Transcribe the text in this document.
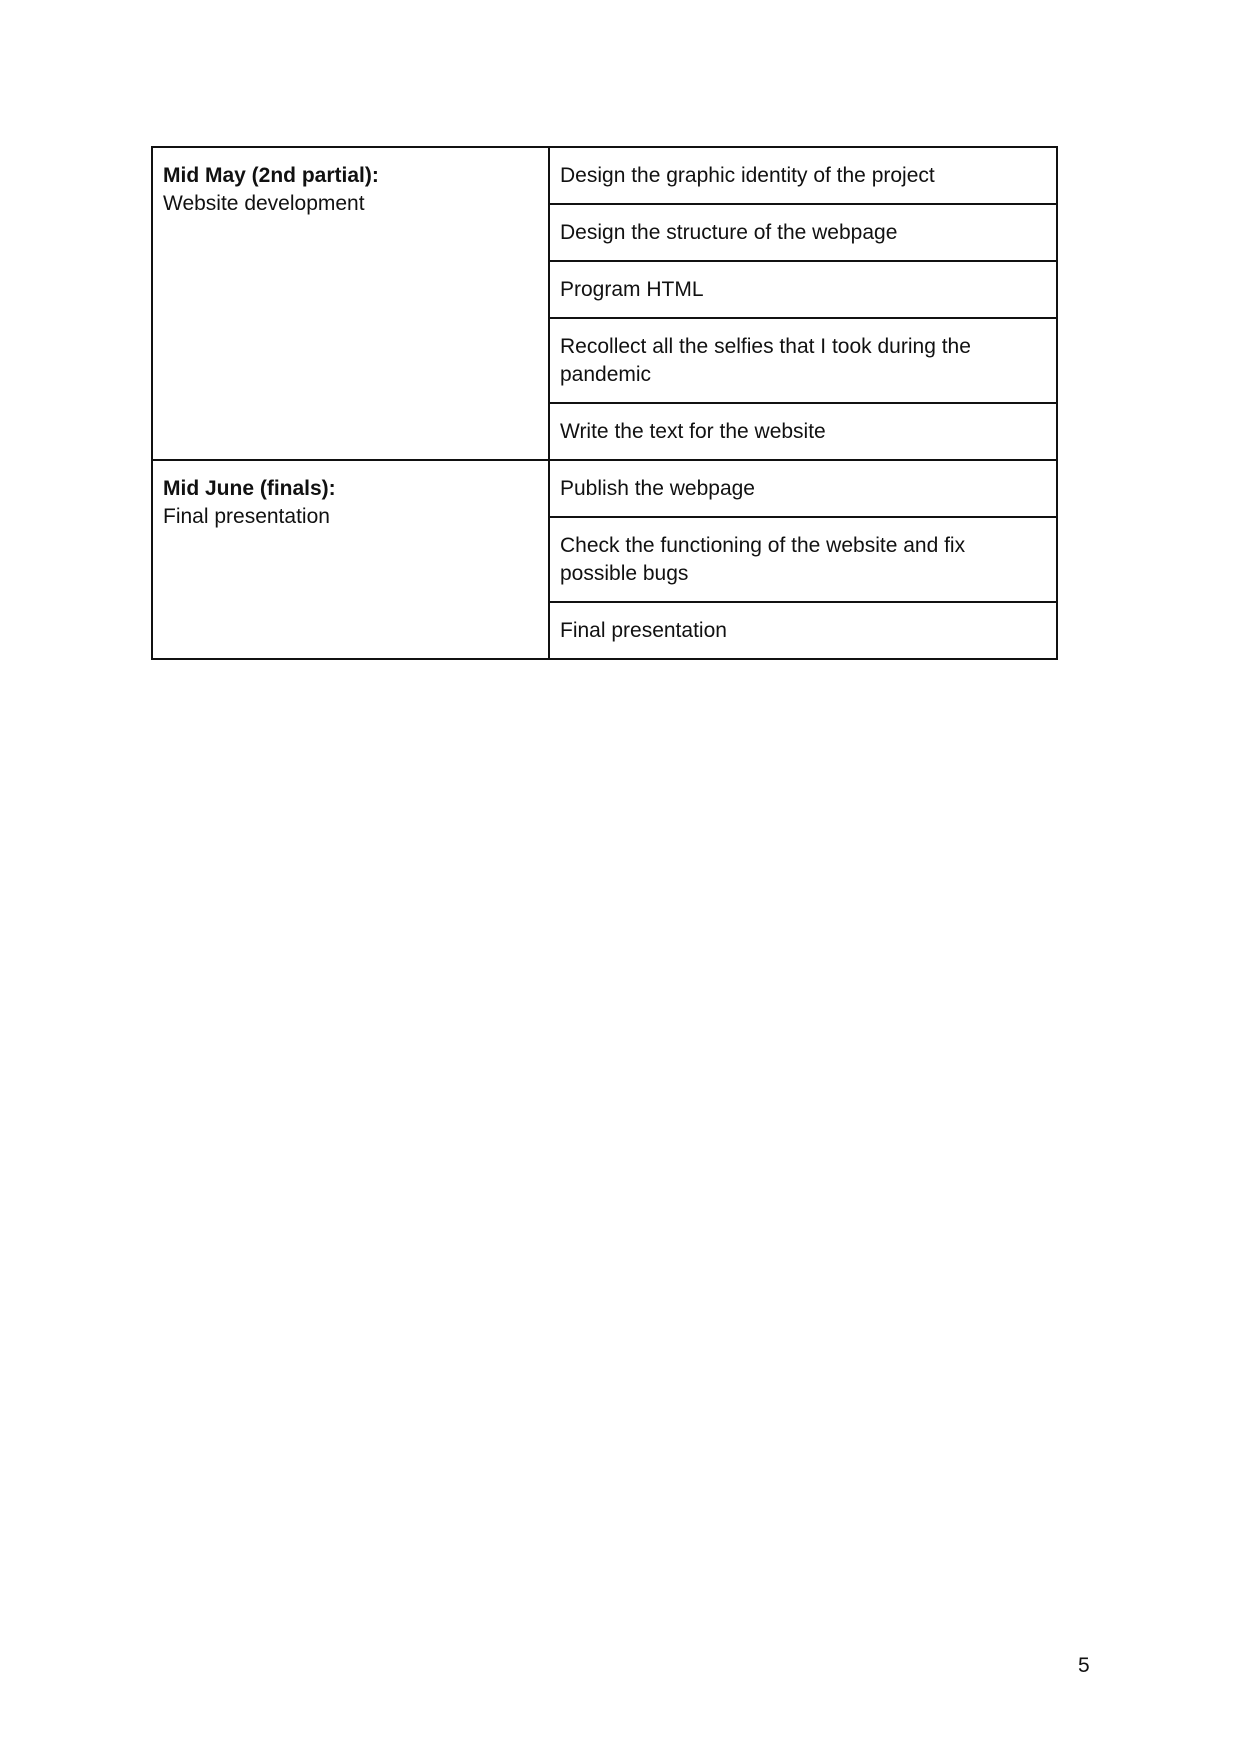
Mid May (2nd partial):
Website development	Design the graphic identity of the project
	Design the structure of the webpage
	Program HTML
	Recollect all the selfies that I took during the pandemic
	Write the text for the website

Mid June (finals):
Final presentation	Publish the webpage
	Check the functioning of the website and fix possible bugs
	Final presentation
5
